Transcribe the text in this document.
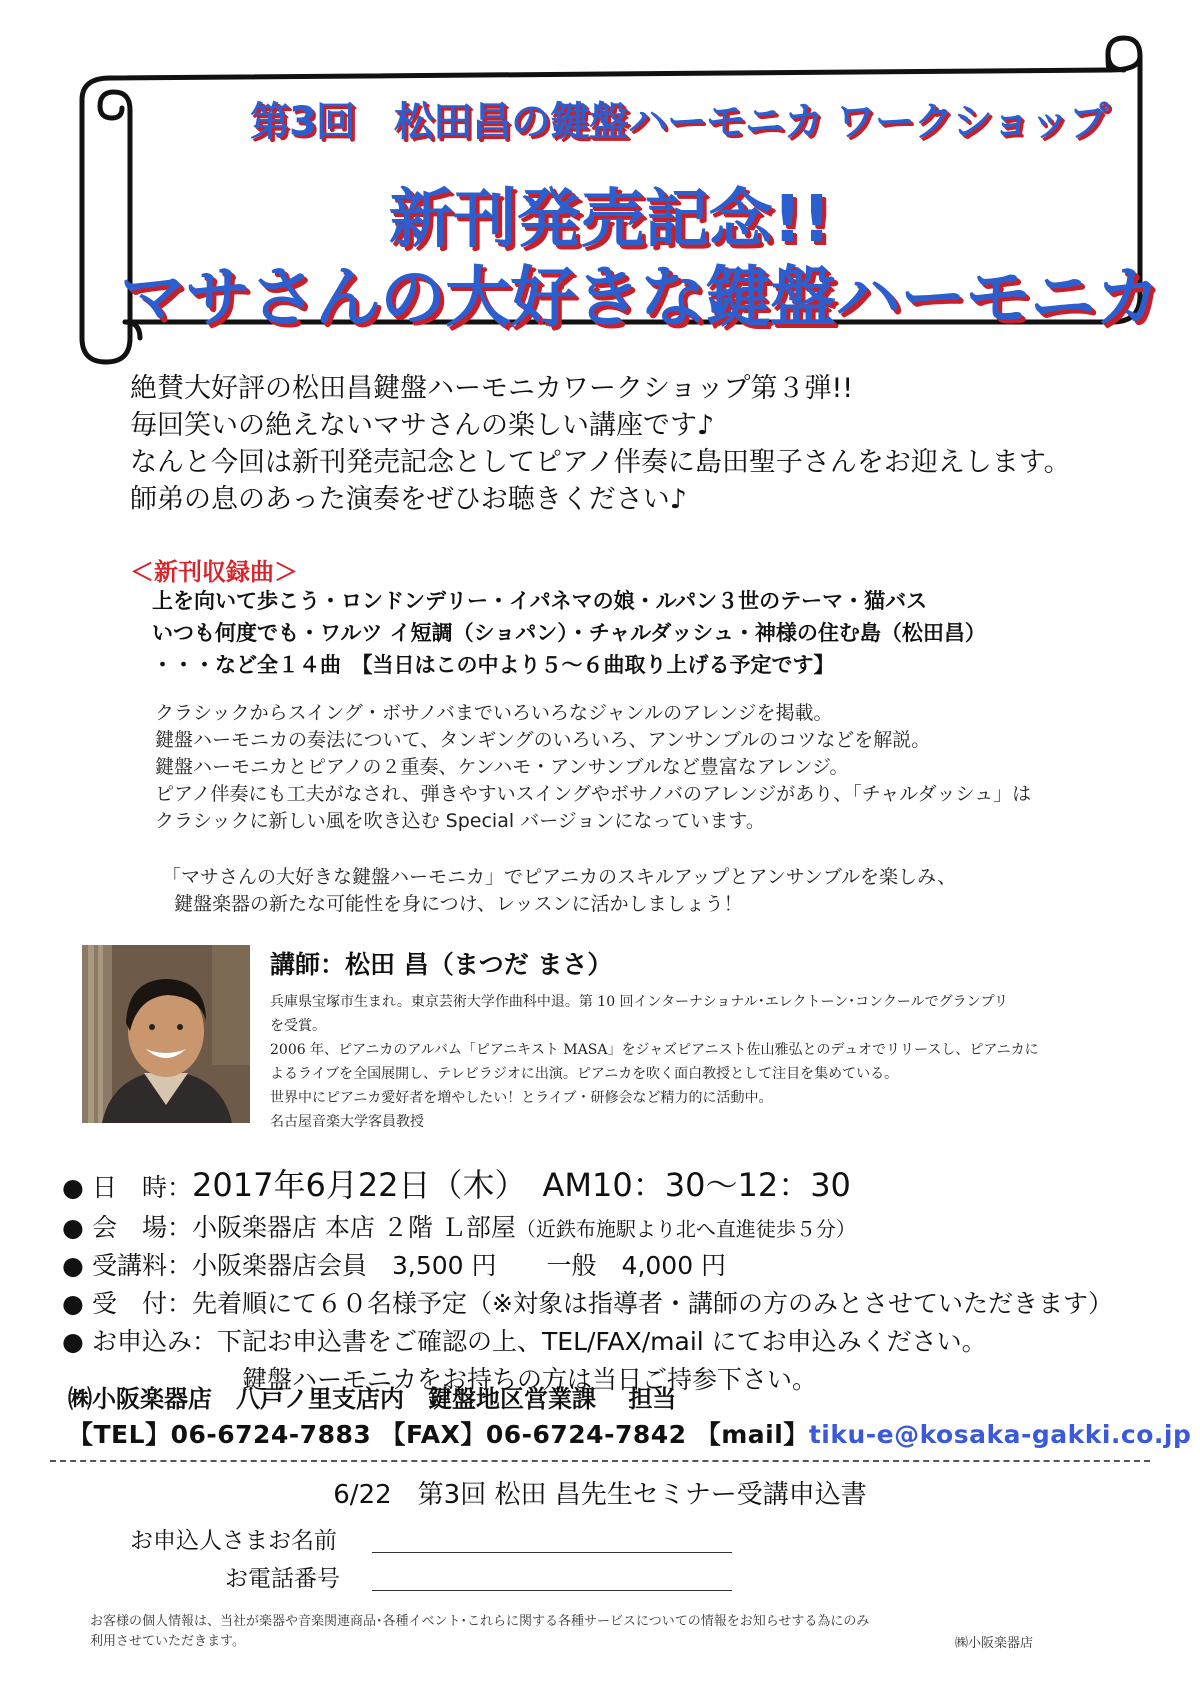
第3回　松田昌の鍵盤ハーモニカ ワークショップ
新刊発売記念!!
マサさんの大好きな鍵盤ハーモニカ
絶賛大好評の松田昌鍵盤ハーモニカワークショップ第３弾!!
毎回笑いの絶えないマサさんの楽しい講座です♪
なんと今回は新刊発売記念としてピアノ伴奏に島田聖子さんをお迎えします。
師弟の息のあった演奏をぜひお聴きください♪
＜新刊収録曲＞
上を向いて歩こう・ロンドンデリー・イパネマの娘・ルパン３世のテーマ・猫バス
いつも何度でも・ワルツ イ短調（ショパン）・チャルダッシュ・神様の住む島（松田昌）
・・・など全１４曲　【当日はこの中より５～６曲取り上げる予定です】
クラシックからスイング・ボサノバまでいろいろなジャンルのアレンジを掲載。
鍵盤ハーモニカの奏法について、タンギングのいろいろ、アンサンブルのコツなどを解説。
鍵盤ハーモニカとピアノの２重奏、ケンハモ・アンサンブルなど豊富なアレンジ。
ピアノ伴奏にも工夫がなされ、弾きやすいスイングやボサノバのアレンジがあり、「チャルダッシュ」は
クラシックに新しい風を吹き込む Special バージョンになっています。
「マサさんの大好きな鍵盤ハーモニカ」でピアニカのスキルアップとアンサンブルを楽しみ、
鍵盤楽器の新たな可能性を身につけ、レッスンに活かしましょう！
講師：松田 昌（まつだ まさ）
兵庫県宝塚市生まれ。東京芸術大学作曲科中退。第 10 回インターナショナル･エレクトーン･コンクールでグランプリ
を受賞。
2006 年、ピアニカのアルバム「ピアニキスト MASA」をジャズピアニスト佐山雅弘とのデュオでリリースし、ピアニカに
よるライブを全国展開し、テレビラジオに出演。ピアニカを吹く面白教授として注目を集めている。
世界中にピアニカ愛好者を増やしたい！とライブ・研修会など精力的に活動中。
名古屋音楽大学客員教授
● 日　時：2017年6月22日（木）　AM10：30～12：30
● 会　場：小阪楽器店 本店 ２階 Ｌ部屋（近鉄布施駅より北へ直進徒歩５分）
● 受講料：小阪楽器店会員　3,500 円　　一般　4,000 円
● 受　付：先着順にて６０名様予定（※対象は指導者・講師の方のみとさせていただきます）
● お申込み：下記お申込書をご確認の上、TEL/FAX/mail にてお申込みください。
鍵盤ハーモニカをお持ちの方は当日ご持参下さい。
㈱小阪楽器店　八戸ノ里支店内　鍵盤地区営業課　 担当
【TEL】06-6724-7883 【FAX】06-6724-7842 【mail】tiku-e@kosaka-gakki.co.jp
6/22　第3回 松田 昌先生セミナー受講申込書
お申込人さまお名前
お電話番号
お客様の個人情報は、当社が楽器や音楽関連商品･各種イベント･これらに関する各種サービスについての情報をお知らせする為にのみ
利用させていただきます。	㈱小阪楽器店
